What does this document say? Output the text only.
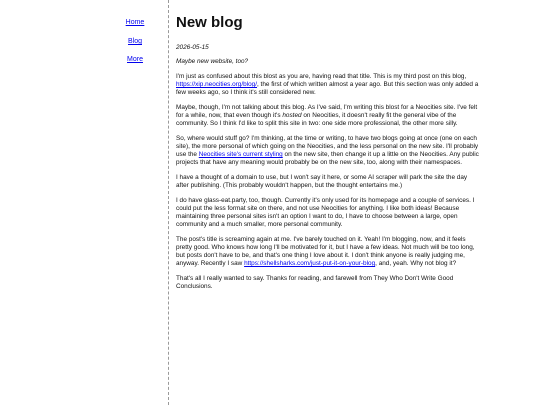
Home
Blog
More
New blog

2026-05-15

Maybe new website, too?

I'm just as confused about this blost as you are, having read that title. This is my third post on this blog, https://xip.neocities.org/blog/, the first of which written almost a year ago. But this section was only added a few weeks ago, so I think it's still considered new.

Maybe, though, I'm not talking about this blog. As I've said, I'm writing this blost for a Neocities site. I've felt for a while, now, that even though it's hosted on Neocities, it doesn't really fit the general vibe of the community. So I think I'd like to split this site in two: one side more professional, the other more silly.

So, where would stuff go? I'm thinking, at the time or writing, to have two blogs going at once (one on each site), the more personal of which going on the Neocities, and the less personal on the new site. I'll probably use the Neocities site's current styling on the new site, then change it up a little on the Neocities. Any public projects that have any meaning would probably be on the new site, too, along with their namespaces.

I have a thought of a domain to use, but I won't say it here, or some AI scraper will park the site the day after publishing. (This probably wouldn't happen, but the thought entertains me.)

I do have glass-eat.party, too, though. Currently it's only used for its homepage and a couple of services. I could put the less format site on there, and not use Neocities for anything. I like both ideas! Because maintaining three personal sites isn't an option I want to do, I have to choose between a large, open community and a much smaller, more personal community.

The post's title is screaming again at me. I've barely touched on it. Yeah! I'm blogging, now, and it feels pretty good. Who knows how long I'll be motivated for it, but I have a few ideas. Not much will be too long, but posts don't have to be, and that's one thing I love about it. I don't think anyone is really judging me, anyway. Recently I saw https://shellsharks.com/just-put-it-on-your-blog, and, yeah. Why not blog it?

That's all I really wanted to say. Thanks for reading, and farewell from They Who Don't Write Good Conclusions.
